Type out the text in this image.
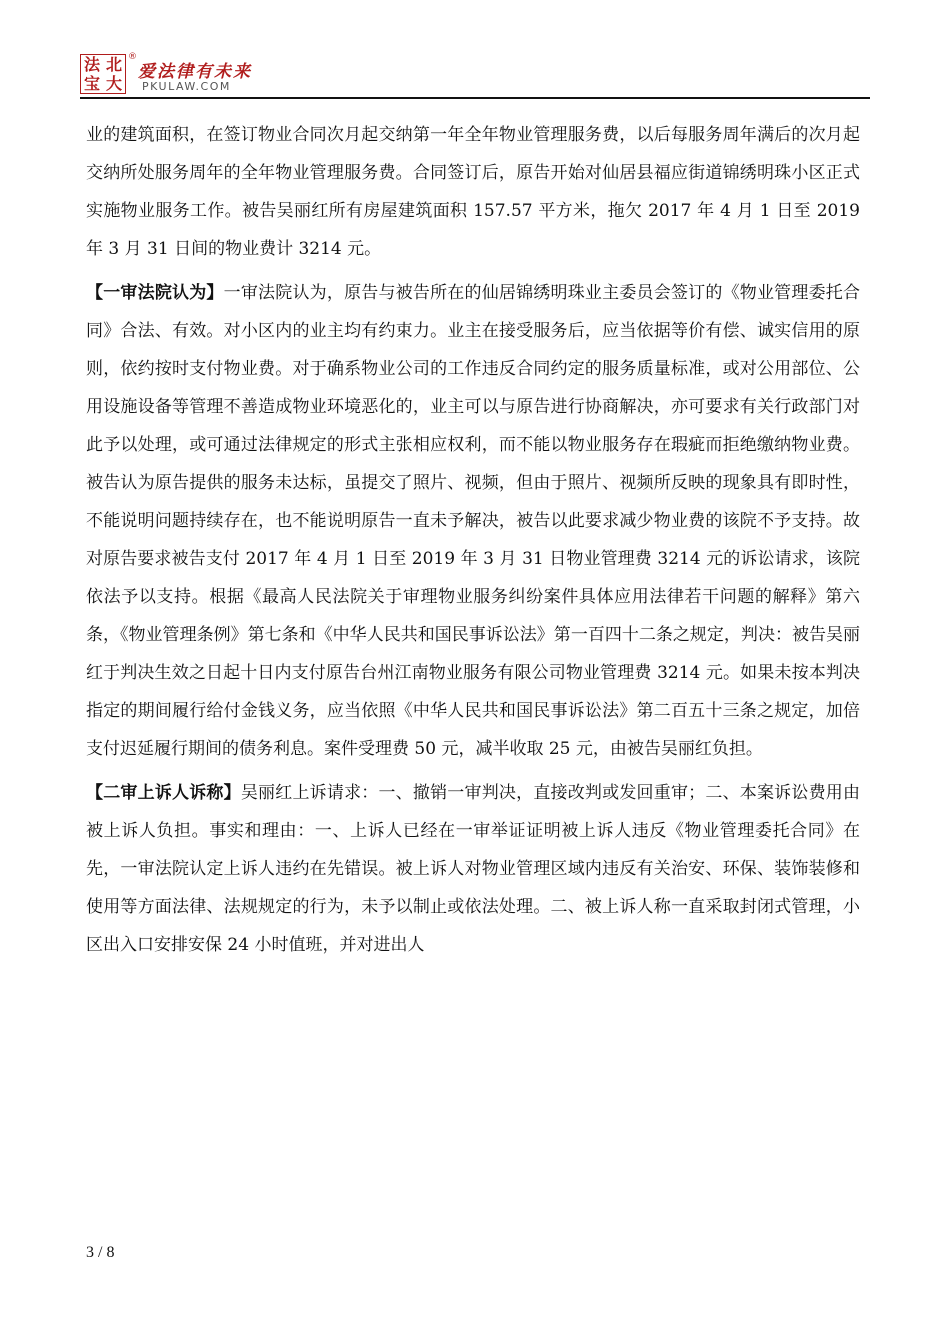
法 北
宝 大
®
爱法律有未来
PKULAW.COM

业的建筑面积，在签订物业合同次月起交纳第一年全年物业管理服务费，以后每服务周年满后的次月起交纳所处服务周年的全年物业管理服务费。合同签订后，原告开始对仙居县福应街道锦绣明珠小区正式实施物业服务工作。被告吴丽红所有房屋建筑面积 157.57 平方米，拖欠 2017 年 4 月 1 日至 2019 年 3 月 31 日间的物业费计 3214 元。

【一审法院认为】一审法院认为，原告与被告所在的仙居锦绣明珠业主委员会签订的《物业管理委托合同》合法、有效。对小区内的业主均有约束力。业主在接受服务后，应当依据等价有偿、诚实信用的原则，依约按时支付物业费。对于确系物业公司的工作违反合同约定的服务质量标准，或对公用部位、公用设施设备等管理不善造成物业环境恶化的，业主可以与原告进行协商解决，亦可要求有关行政部门对此予以处理，或可通过法律规定的形式主张相应权利，而不能以物业服务存在瑕疵而拒绝缴纳物业费。被告认为原告提供的服务未达标，虽提交了照片、视频，但由于照片、视频所反映的现象具有即时性，不能说明问题持续存在，也不能说明原告一直未予解决，被告以此要求减少物业费的该院不予支持。故对原告要求被告支付 2017 年 4 月 1 日至 2019 年 3 月 31 日物业管理费 3214 元的诉讼请求，该院依法予以支持。根据《最高人民法院关于审理物业服务纠纷案件具体应用法律若干问题的解释》第六条，《物业管理条例》第七条和《中华人民共和国民事诉讼法》第一百四十二条之规定，判决：被告吴丽红于判决生效之日起十日内支付原告台州江南物业服务有限公司物业管理费 3214 元。如果未按本判决指定的期间履行给付金钱义务，应当依照《中华人民共和国民事诉讼法》第二百五十三条之规定，加倍支付迟延履行期间的债务利息。案件受理费 50 元，减半收取 25 元，由被告吴丽红负担。

【二审上诉人诉称】吴丽红上诉请求：一、撤销一审判决，直接改判或发回重审；二、本案诉讼费用由被上诉人负担。事实和理由：一、上诉人已经在一审举证证明被上诉人违反《物业管理委托合同》在先，一审法院认定上诉人违约在先错误。被上诉人对物业管理区域内违反有关治安、环保、装饰装修和使用等方面法律、法规规定的行为，未予以制止或依法处理。二、被上诉人称一直采取封闭式管理，小区出入口安排安保 24 小时值班，并对进出人

3 / 8
